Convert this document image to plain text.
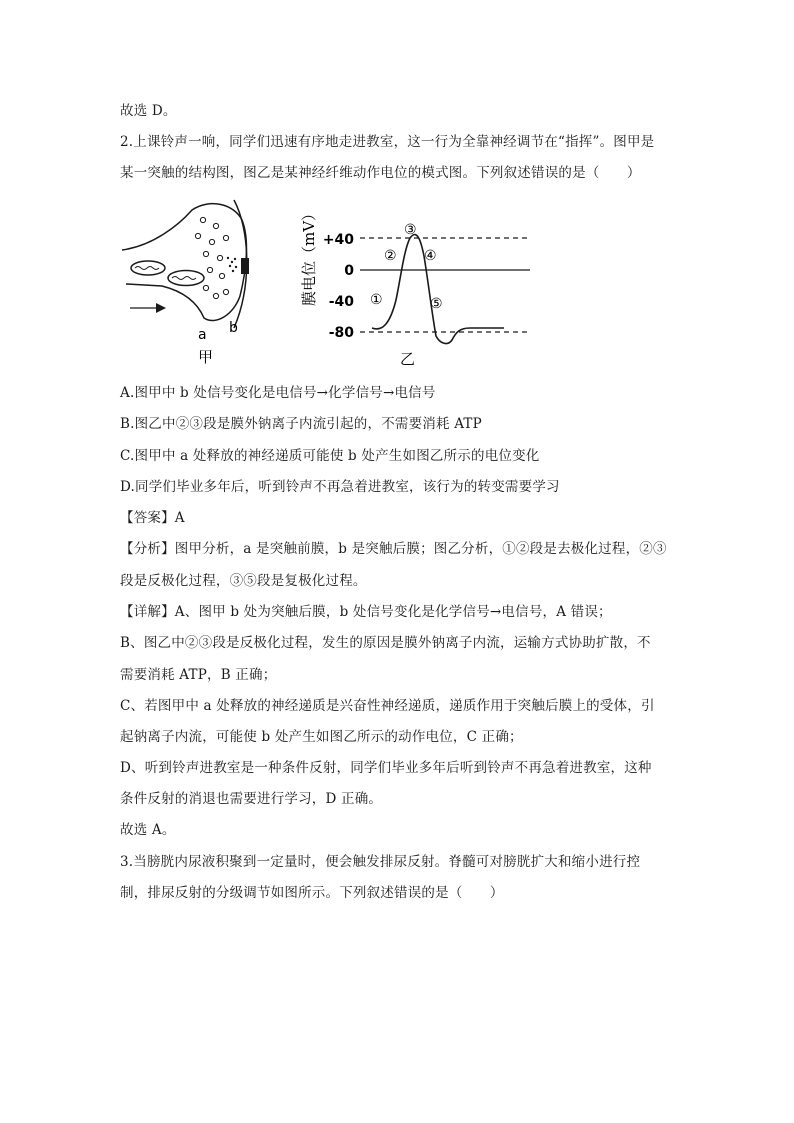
故选 D。
2.上课铃声一响，同学们迅速有序地走进教室，这一行为全靠神经调节在“指挥”。图甲是
某一突触的结构图，图乙是某神经纤维动作电位的模式图。下列叙述错误的是（　　）
a b
甲
膜电位（mV） +40
0
-40
-80
①
②
③
④
⑤
乙
A.图甲中 b 处信号变化是电信号→化学信号→电信号
B.图乙中②③段是膜外钠离子内流引起的，不需要消耗 ATP
C.图甲中 a 处释放的神经递质可能使 b 处产生如图乙所示的电位变化
D.同学们毕业多年后，听到铃声不再急着进教室，该行为的转变需要学习
【答案】A
【分析】图甲分析，a 是突触前膜，b 是突触后膜；图乙分析，①②段是去极化过程，②③
段是反极化过程，③⑤段是复极化过程。
【详解】A、图甲 b 处为突触后膜，b 处信号变化是化学信号→电信号，A 错误；
B、图乙中②③段是反极化过程，发生的原因是膜外钠离子内流，运输方式协助扩散，不
需要消耗 ATP，B 正确；
C、若图甲中 a 处释放的神经递质是兴奋性神经递质，递质作用于突触后膜上的受体，引
起钠离子内流，可能使 b 处产生如图乙所示的动作电位，C 正确；
D、听到铃声进教室是一种条件反射，同学们毕业多年后听到铃声不再急着进教室，这种
条件反射的消退也需要进行学习，D 正确。
故选 A。
3.当膀胱内尿液积聚到一定量时，便会触发排尿反射。脊髓可对膀胱扩大和缩小进行控
制，排尿反射的分级调节如图所示。下列叙述错误的是（　　）
